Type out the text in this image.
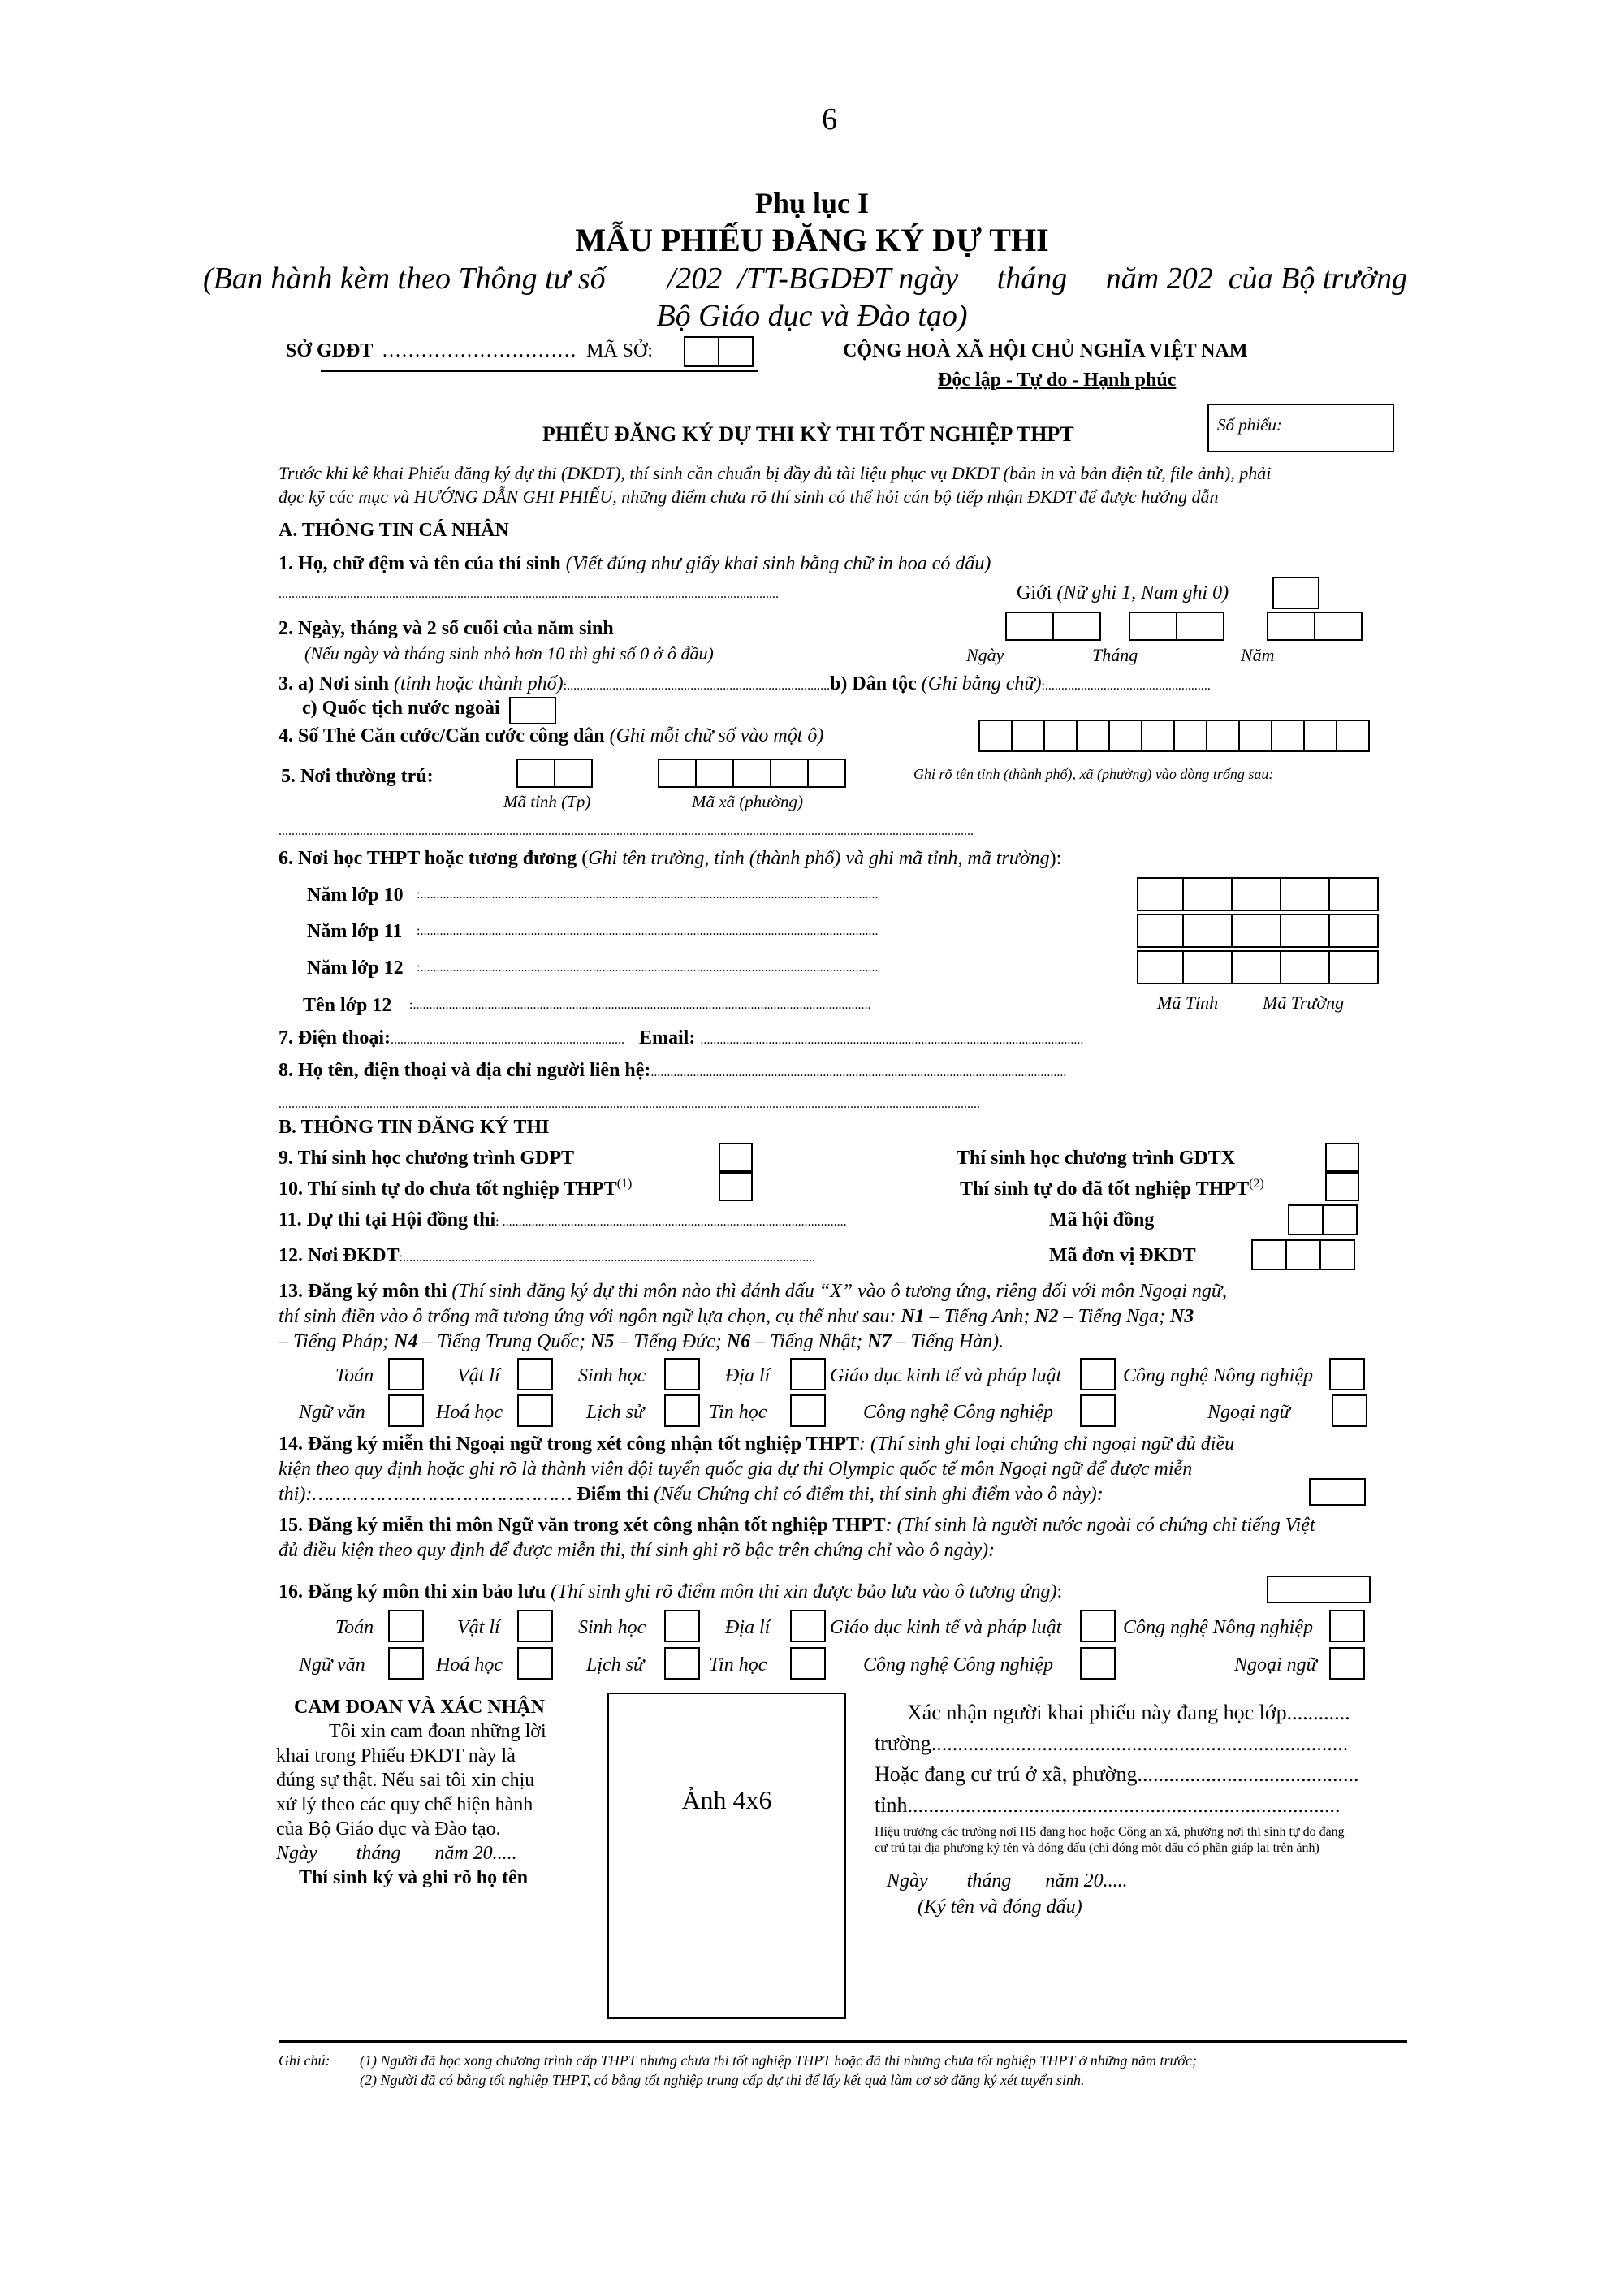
6
Phụ lục I
MẪU PHIẾU ĐĂNG KÝ DỰ THI
(Ban hành kèm theo Thông tư số        /202  /TT-BGDĐT ngày     tháng     năm 202  của Bộ trưởng
Bộ Giáo dục và Đào tạo)
SỞ GDĐT ………………………… MÃ SỞ:	CỘNG HOÀ XÃ HỘI CHỦ NGHĨA VIỆT NAM
Độc lập - Tự do - Hạnh phúc
PHIẾU ĐĂNG KÝ DỰ THI KỲ THI TỐT NGHIỆP THPT	Số phiếu:
Trước khi kê khai Phiếu đăng ký dự thi (ĐKDT), thí sinh cần chuẩn bị đầy đủ tài liệu phục vụ ĐKDT (bản in và bản điện tử, file ảnh), phải
đọc kỹ các mục và HƯỚNG DẪN GHI PHIẾU, những điểm chưa rõ thí sinh có thể hỏi cán bộ tiếp nhận ĐKDT để được hướng dẫn
A. THÔNG TIN CÁ NHÂN
1. Họ, chữ đệm và tên của thí sinh (Viết đúng như giấy khai sinh bằng chữ in hoa có dấu)
..........................................................................................................................................................	Giới (Nữ ghi 1, Nam ghi 0)
2. Ngày, tháng và 2 số cuối của năm sinh
(Nếu ngày và tháng sinh nhỏ hơn 10 thì ghi số 0 ở ô đầu)	Ngày	Tháng	Năm
3. a) Nơi sinh (tỉnh hoặc thành phố):.................................................................................b) Dân tộc (Ghi bằng chữ):...................................................
c) Quốc tịch nước ngoài
4. Số Thẻ Căn cước/Căn cước công dân (Ghi mỗi chữ số vào một ô)
5. Nơi thường trú:
Mã tỉnh (Tp)	Mã xã (phường)
Ghi rõ tên tỉnh (thành phố), xã (phường) vào dòng trống sau:
......................................................................................................................................................................................................................
6. Nơi học THPT hoặc tương đương (Ghi tên trường, tỉnh (thành phố) và ghi mã tỉnh, mã trường):
Năm lớp 10 :.............................................................................................................................................
Năm lớp 11 :.............................................................................................................................................
Năm lớp 12 :.............................................................................................................................................
Tên lớp 12 :.............................................................................................................................................	Mã Tỉnh Mã Trường
7. Điện thoại:........................................................................ Email: ......................................................................................................................
8. Họ tên, điện thoại và địa chỉ người liên hệ:................................................................................................................................
........................................................................................................................................................................................................................
B. THÔNG TIN ĐĂNG KÝ THI
9. Thí sinh học chương trình GDPT	Thí sinh học chương trình GDTX
10. Thí sinh tự do chưa tốt nghiệp THPT$^{(1)}$	Thí sinh tự do đã tốt nghiệp THPT$^{(2)}$
11. Dự thi tại Hội đồng thi: ..........................................................................................................	Mã hội đồng
12. Nơi ĐKDT:...............................................................................................................................	Mã đơn vị ĐKDT
13. Đăng ký môn thi (Thí sinh đăng ký dự thi môn nào thì đánh dấu “X” vào ô tương ứng, riêng đối với môn Ngoại ngữ,
thí sinh điền vào ô trống mã tương ứng với ngôn ngữ lựa chọn, cụ thể như sau: N1 – Tiếng Anh; N2 – Tiếng Nga; N3
– Tiếng Pháp; N4 – Tiếng Trung Quốc; N5 – Tiếng Đức; N6 – Tiếng Nhật; N7 – Tiếng Hàn).
Toán	Vật lí	Sinh học	Địa lí	Giáo dục kinh tế và pháp luật	Công nghệ Nông nghiệp
Ngữ văn	Hoá học	Lịch sử	Tin học	Công nghệ Công nghiệp	Ngoại ngữ
14. Đăng ký miễn thi Ngoại ngữ trong xét công nhận tốt nghiệp THPT: (Thí sinh ghi loại chứng chỉ ngoại ngữ đủ điều
kiện theo quy định hoặc ghi rõ là thành viên đội tuyển quốc gia dự thi Olympic quốc tế môn Ngoại ngữ để được miễn
thi):……………………………………… Điểm thi (Nếu Chứng chỉ có điểm thi, thí sinh ghi điểm vào ô này):
15. Đăng ký miễn thi môn Ngữ văn trong xét công nhận tốt nghiệp THPT: (Thí sinh là người nước ngoài có chứng chỉ tiếng Việt
đủ điều kiện theo quy định để được miễn thi, thí sinh ghi rõ bậc trên chứng chỉ vào ô ngày):
16. Đăng ký môn thi xin bảo lưu (Thí sinh ghi rõ điểm môn thi xin được bảo lưu vào ô tương ứng):
Toán	Vật lí	Sinh học	Địa lí	Giáo dục kinh tế và pháp luật	Công nghệ Nông nghiệp
Ngữ văn	Hoá học	Lịch sử	Tin học	Công nghệ Công nghiệp	Ngoại ngữ
CAM ĐOAN VÀ XÁC NHẬN
Tôi xin cam đoan những lời
khai trong Phiếu ĐKDT này là
đúng sự thật. Nếu sai tôi xin chịu
xử lý theo các quy chế hiện hành
của Bộ Giáo dục và Đào tạo.
Ngày        tháng       năm 20.....
Thí sinh ký và ghi rõ họ tên
Ảnh 4x6
Xác nhận người khai phiếu này đang học lớp............
trường...............................................................................
Hoặc đang cư trú ở xã, phường..........................................
tỉnh..................................................................................
Hiệu trưởng các trường nơi HS đang học hoặc Công an xã, phường nơi thí sinh tự do đang
cư trú tại địa phương ký tên và đóng dấu (chỉ đóng một dấu có phần giáp lai trên ảnh)
Ngày        tháng       năm 20.....
(Ký tên và đóng dấu)
Ghi chú: (1) Người đã học xong chương trình cấp THPT nhưng chưa thi tốt nghiệp THPT hoặc đã thi nhưng chưa tốt nghiệp THPT ở những năm trước;
(2) Người đã có bằng tốt nghiệp THPT, có bằng tốt nghiệp trung cấp dự thi để lấy kết quả làm cơ sở đăng ký xét tuyển sinh.
